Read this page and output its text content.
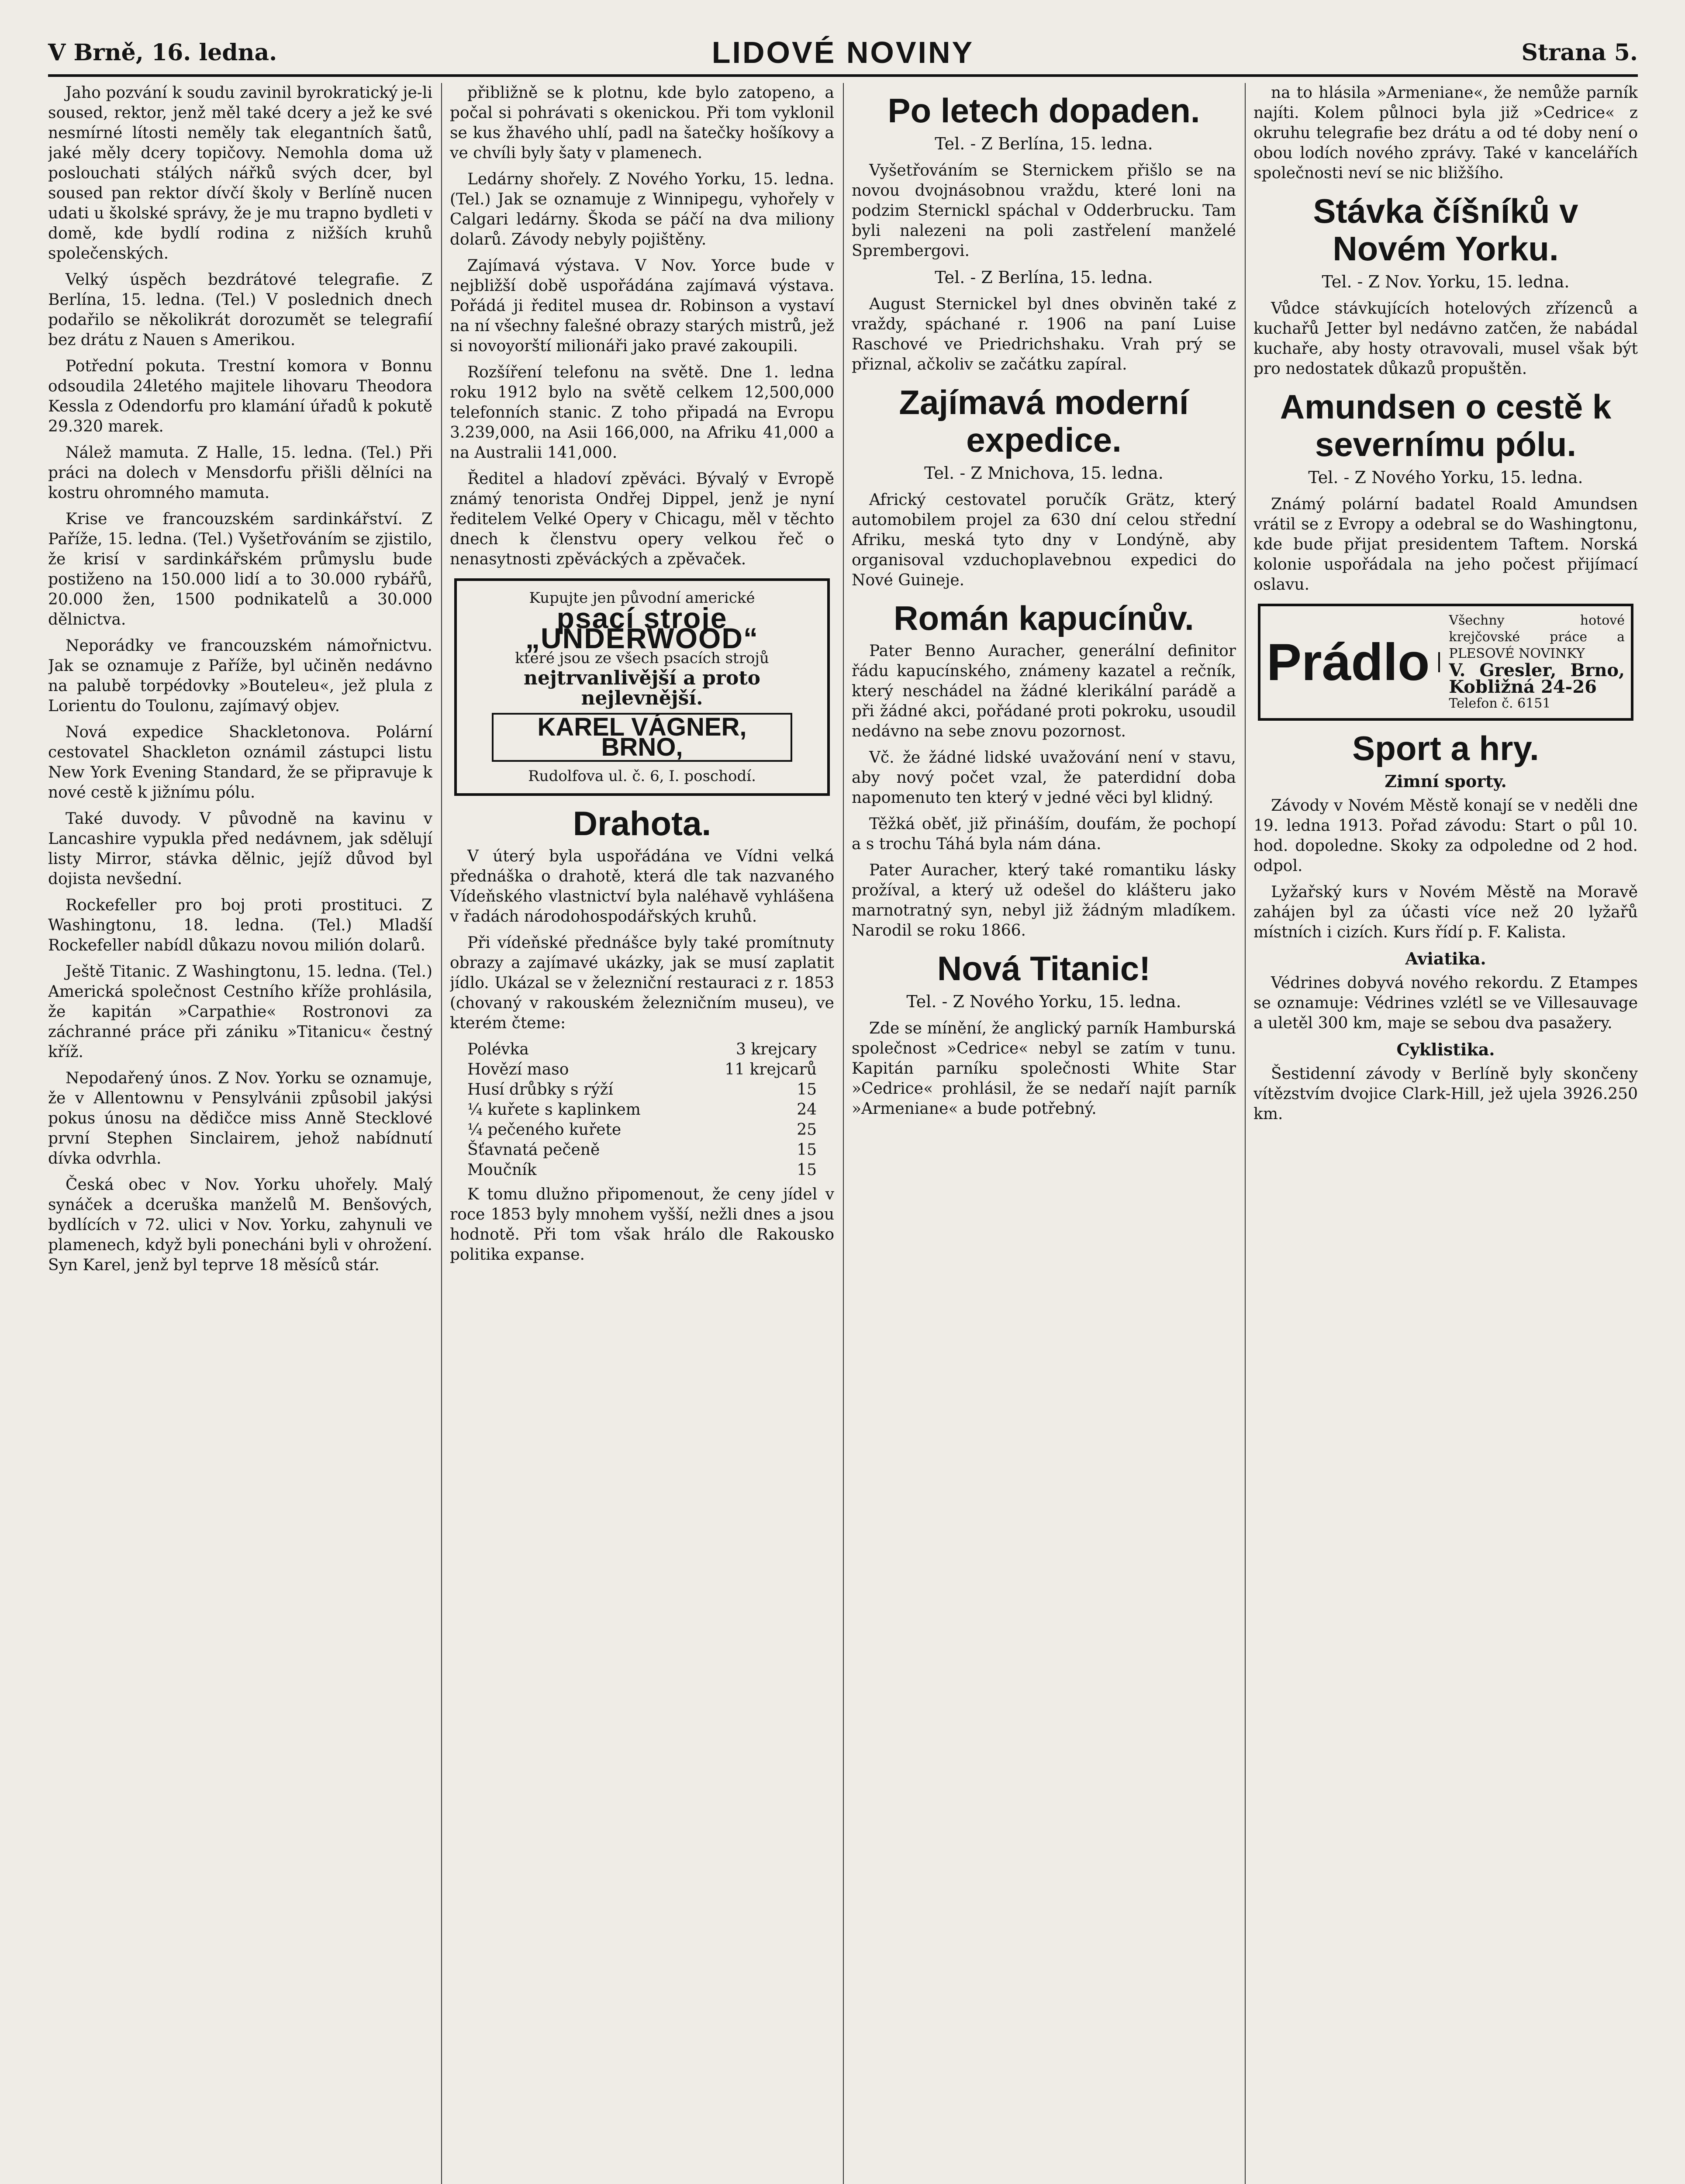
V Brně, 16. ledna.	LIDOVÉ NOVINY	Strana 5.

Jaho pozvání k soudu zavinil byrokratický je-li soused, rektor, jenž měl také dcery a jež ke své nesmírné lítosti neměly tak elegantních šatů, jaké měly dcery topičovy. Nemohla doma už poslouchati stálých nářků svých dcer, byl soused pan rektor dívčí školy v Berlíně nucen udati u školské správy, že je mu trapno bydleti v domě, kde bydlí rodina z nižších kruhů společenských.

Velký úspěch bezdrátové telegrafie. Z Berlína, 15. ledna. (Tel.) V poslednich dnech podařilo se několikrát dorozumět se telegrafií bez drátu z Nauen s Amerikou.

Potřední pokuta. Trestní komora v Bonnu odsoudila 24letého majitele lihovaru Theodora Kessla z Odendorfu pro klamání úřadů k pokutě 29.320 marek.

Nálež mamuta. Z Halle, 15. ledna. (Tel.) Při práci na dolech v Mensdorfu přišli dělníci na kostru ohromného mamuta.

Krise ve francouzském sardinkářství. Z Paříže, 15. ledna. (Tel.) Vyšetřováním se zjistilo, že krisí v sardinkářském průmyslu bude postiženo na 150.000 lidí a to 30.000 rybářů, 20.000 žen, 1500 podnikatelů a 30.000 dělnictva.

Neporádky ve francouzském námořnictvu. Jak se oznamuje z Paříže, byl učiněn nedávno na palubě torpédovky »Bouteleu«, jež plula z Lorientu do Toulonu, zajímavý objev.

Nová expedice Shackletonova. Polární cestovatel Shackleton oznámil zástupci listu New York Evening Standard, že se připravuje k nové cestě k jižnímu pólu.

Také duvody. V původně na kavinu v Lancashire vypukla před nedávnem, jak sdělují listy Mirror, stávka dělnic, jejíž důvod byl dojista nevšední.

Rockefeller pro boj proti prostituci. Z Washingtonu, 18. ledna. (Tel.) Mladší Rockefeller nabídl důkazu novou milión dolarů.

Ještě Titanic. Z Washingtonu, 15. ledna. (Tel.) Americká společnost Cestního kříže prohlásila, že kapitán »Carpathie« Rostronovi za záchranné práce při zániku »Titanicu« čestný kříž.

Nepodařený únos. Z Nov. Yorku se oznamuje, že v Allentownu v Pensylvánii způsobil jakýsi pokus únosu na dědičce miss Anně Stecklové první Stephen Sinclairem, jehož nabídnutí dívka odvrhla.

Česká obec v Nov. Yorku uhořely. Malý synáček a dceruška manželů M. Benšových, bydlících v 72. ulici v Nov. Yorku, zahynuli ve plamenech, když byli ponecháni byli v ohrožení. Syn Karel, jenž byl teprve 18 měsíců stár.

přibližně se k plotnu, kde bylo zatopeno, a počal si pohrávati s okenickou. Při tom vyklonil se kus žhavého uhlí, padl na šatečky hošíkovy a ve chvíli byly šaty v plamenech.

Ledárny shořely. Z Nového Yorku, 15. ledna. (Tel.) Jak se oznamuje z Winnipegu, vyhořely v Calgari ledárny. Škoda se páčí na dva miliony dolarů. Závody nebyly pojištěny.

Zajímavá výstava. V Nov. Yorce bude v nejbližší době uspořádána zajímavá výstava. Pořádá ji ředitel musea dr. Robinson a vystaví na ní všechny falešné obrazy starých mistrů, jež si novoyorští milionáři jako pravé zakoupili.

Rozšíření telefonu na světě. Dne 1. ledna roku 1912 bylo na světě celkem 12,500,000 telefonních stanic. Z toho připadá na Evropu 3.239,000, na Asii 166,000, na Afriku 41,000 a na Australii 141,000.

Ředitel a hladoví zpěváci. Bývalý v Evropě známý tenorista Ondřej Dippel, jenž je nyní ředitelem Velké Opery v Chicagu, měl v těchto dnech k členstvu opery velkou řeč o nenasytnosti zpěváckých a zpěvaček.

Kupujte jen původní americké
psací stroje „UNDERWOOD“
které jsou ze všech psacích strojů
nejtrvanlivější a proto nejlevnější.
KAREL VÁGNER, BRNO,
Rudolfova ul. č. 6, I. poschodí.
Drahota.

V úterý byla uspořádána ve Vídni velká přednáška o drahotě, která dle tak nazvaného Vídeňského vlastnictví byla naléhavě vyhlášena v řadách národohospodářských kruhů.

Při vídeňské přednášce byly také promítnuty obrazy a zajímavé ukázky, jak se musí zaplatit jídlo. Ukázal se v železniční restauraci z r. 1853 (chovaný v rakouském železničním museu), ve kterém čteme:

Polévka	3 krejcary
Hovězí maso	11 krejcarů
Husí drůbky s rýží	15
¼ kuřete s kaplinkem	24
¼ pečeného kuřete	25
Šťavnatá pečeně	15
Moučník	15

K tomu dlužno připomenout, že ceny jídel v roce 1853 byly mnohem vyšší, nežli dnes a jsou hodnotě. Při tom však hrálo dle Rakousko politika expanse.

Po letech dopaden.
Tel. - Z Berlína, 15. ledna.

Vyšetřováním se Sternickem přišlo se na novou dvojnásobnou vraždu, které loni na podzim Sternickl spáchal v Odderbrucku. Tam byli nalezeni na poli zastřelení manželé Sprembergovi.

Tel. - Z Berlína, 15. ledna.

August Sternickel byl dnes obviněn také z vraždy, spáchané r. 1906 na paní Luise Raschové ve Priedrichshaku. Vrah prý se přiznal, ačkoliv se začátku zapíral.

Zajímavá moderní expedice.
Tel. - Z Mnichova, 15. ledna.

Africký cestovatel poručík Grätz, který automobilem projel za 630 dní celou střední Afriku, meská tyto dny v Londýně, aby organisoval vzduchoplavebnou expedici do Nové Guineje.

Román kapucínův.

Pater Benno Auracher, generální definitor řádu kapucínského, známeny kazatel a rečník, který neschádel na žádné klerikální parádě a při žádné akci, pořádané proti pokroku, usoudil nedávno na sebe znovu pozornost.

Vč. že žádné lidské uvažování není v stavu, aby nový počet vzal, že paterdidní doba napomenuto ten který v jedné věci byl klidný.

Těžká oběť, již přináším, doufám, že pochopí a s trochu Táhá byla nám dána.

Pater Auracher, který také romantiku lásky prožíval, a který už odešel do klášteru jako marnotratný syn, nebyl již žádným mladíkem. Narodil se roku 1866.

Nová Titanic!
Tel. - Z Nového Yorku, 15. ledna.

Zde se mínění, že anglický parník Hamburská společnost »Cedrice« nebyl se zatím v tunu. Kapitán parníku společnosti White Star »Cedrice« prohlásil, že se nedaří najít parník »Armeniane« a bude potřebný.

na to hlásila »Armeniane«, že nemůže parník najíti. Kolem půlnoci byla již »Cedrice« z okruhu telegrafie bez drátu a od té doby není o obou lodích nového zprávy. Také v kancelářích společnosti neví se nic bližšího.

Stávka číšníků v Novém Yorku.
Tel. - Z Nov. Yorku, 15. ledna.

Vůdce stávkujících hotelových zřízenců a kuchařů Jetter byl nedávno zatčen, že nabádal kuchaře, aby hosty otravovali, musel však být pro nedostatek důkazů propuštěn.

Amundsen o cestě k severnímu pólu.
Tel. - Z Nového Yorku, 15. ledna.

Známý polární badatel Roald Amundsen vrátil se z Evropy a odebral se do Washingtonu, kde bude přijat presidentem Taftem. Norská kolonie uspořádala na jeho počest přijímací oslavu.

Prádlo
Všechny hotové krejčovské práce a PLESOVÉ NOVINKY
V. Gresler, Brno, Kobližná 24-26
Telefon č. 6151
Sport a hry.
Zimní sporty.

Závody v Novém Městě konají se v neděli dne 19. ledna 1913. Pořad závodu: Start o půl 10. hod. dopoledne. Skoky za odpoledne od 2 hod. odpol.

Lyžařský kurs v Novém Městě na Moravě zahájen byl za účasti více než 20 lyžařů místních i cizích. Kurs řídí p. F. Kalista.

Aviatika.

Védrines dobyvá nového rekordu. Z Etampes se oznamuje: Védrines vzlétl se ve Villesauvage a uletěl 300 km, maje se sebou dva pasažery.

Cyklistika.

Šestidenní závody v Berlíně byly skončeny vítězstvím dvojice Clark-Hill, jež ujela 3926.250 km.
